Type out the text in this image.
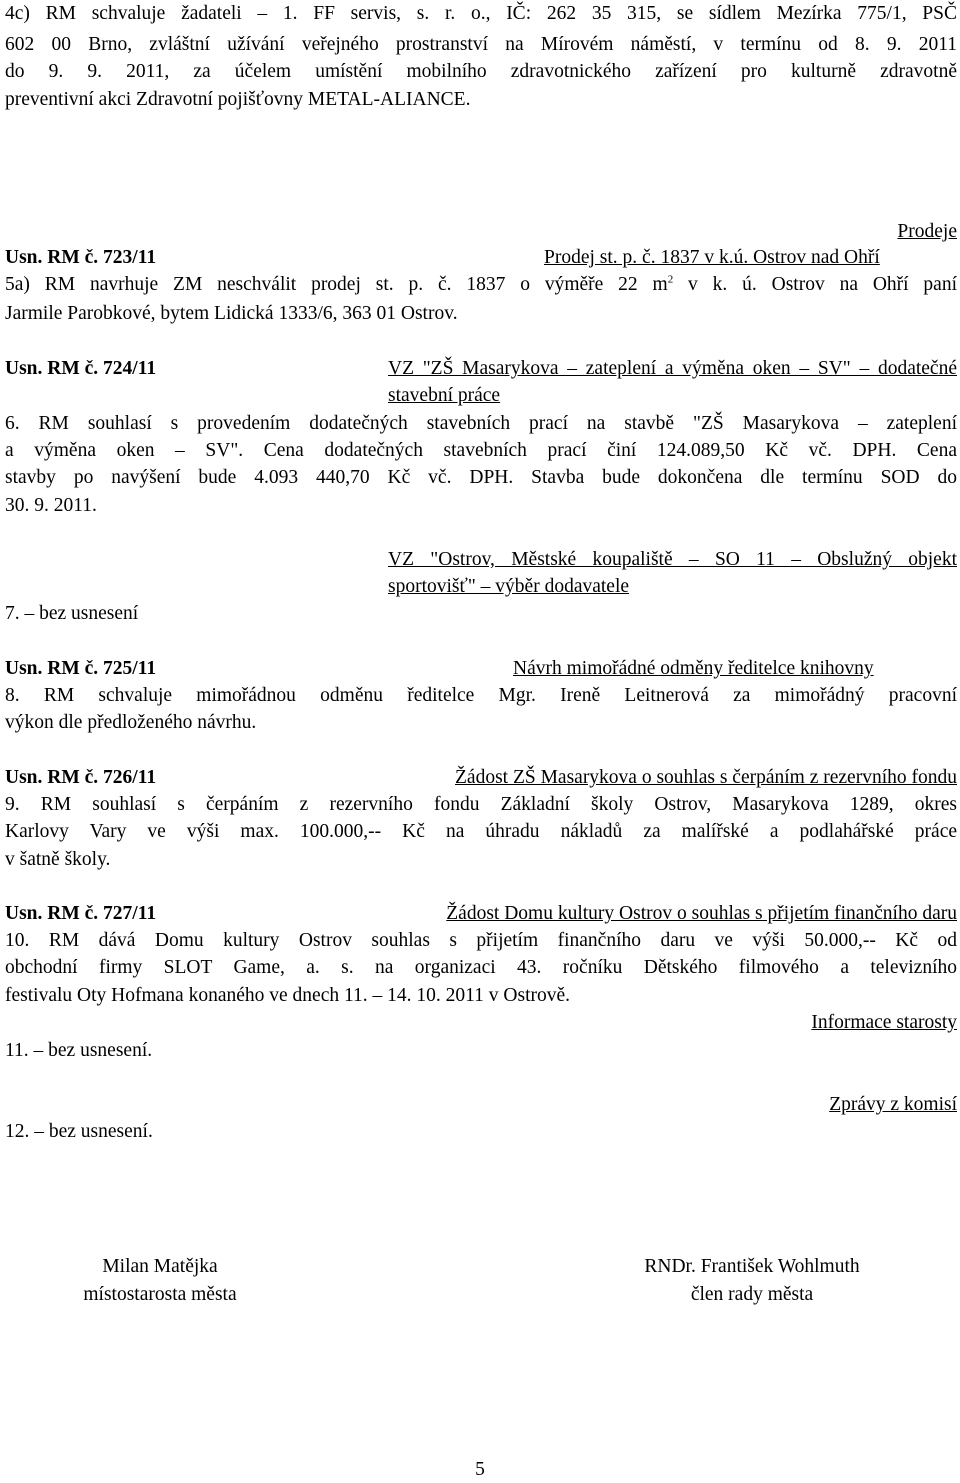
4c) RM schvaluje žadateli – 1. FF servis, s. r. o., IČ: 262 35 315, se sídlem Mezírka 775/1, PSČ
602 00 Brno, zvláštní užívání veřejného prostranství na Mírovém náměstí, v termínu od 8. 9. 2011
do 9. 9. 2011, za účelem umístění mobilního zdravotnického zařízení pro kulturně zdravotně
preventivní akci Zdravotní pojišťovny METAL-ALIANCE.
Prodeje
Usn. RM č. 723/11	Prodej st. p. č. 1837 v k.ú. Ostrov nad Ohří
5a) RM navrhuje ZM neschválit prodej st. p. č. 1837 o výměře 22 $m^2$ v k. ú. Ostrov na Ohří paní
Jarmile Parobkové, bytem Lidická 1333/6, 363 01 Ostrov.
Usn. RM č. 724/11	VZ "ZŠ Masarykova – zateplení a výměna oken – SV" – dodatečné
stavební práce
6. RM souhlasí s provedením dodatečných stavebních prací na stavbě "ZŠ Masarykova – zateplení
a výměna oken – SV". Cena dodatečných stavebních prací činí 124.089,50 Kč vč. DPH. Cena
stavby po navýšení bude 4.093 440,70 Kč vč. DPH. Stavba bude dokončena dle termínu SOD do
30. 9. 2011.
VZ "Ostrov, Městské koupaliště – SO 11 – Obslužný objekt
sportovišť" – výběr dodavatele
7. – bez usnesení
Usn. RM č. 725/11	Návrh mimořádné odměny ředitelce knihovny
8. RM schvaluje mimořádnou odměnu ředitelce Mgr. Ireně Leitnerová za mimořádný pracovní
výkon dle předloženého návrhu.
Usn. RM č. 726/11	Žádost ZŠ Masarykova o souhlas s čerpáním z rezervního fondu
9. RM souhlasí s čerpáním z rezervního fondu Základní školy Ostrov, Masarykova 1289, okres
Karlovy Vary ve výši max. 100.000,-- Kč na úhradu nákladů za malířské a podlahářské práce
v šatně školy.
Usn. RM č. 727/11	Žádost Domu kultury Ostrov o souhlas s přijetím finančního daru
10. RM dává Domu kultury Ostrov souhlas s přijetím finančního daru ve výši 50.000,-- Kč od
obchodní firmy SLOT Game, a. s. na organizaci 43. ročníku Dětského filmového a televizního
festivalu Oty Hofmana konaného ve dnech 11. – 14. 10. 2011 v Ostrově.
Informace starosty
11. – bez usnesení.
Zprávy z komisí
12. – bez usnesení.
Milan Matějka
místostarosta města
RNDr. František Wohlmuth
člen rady města
5
